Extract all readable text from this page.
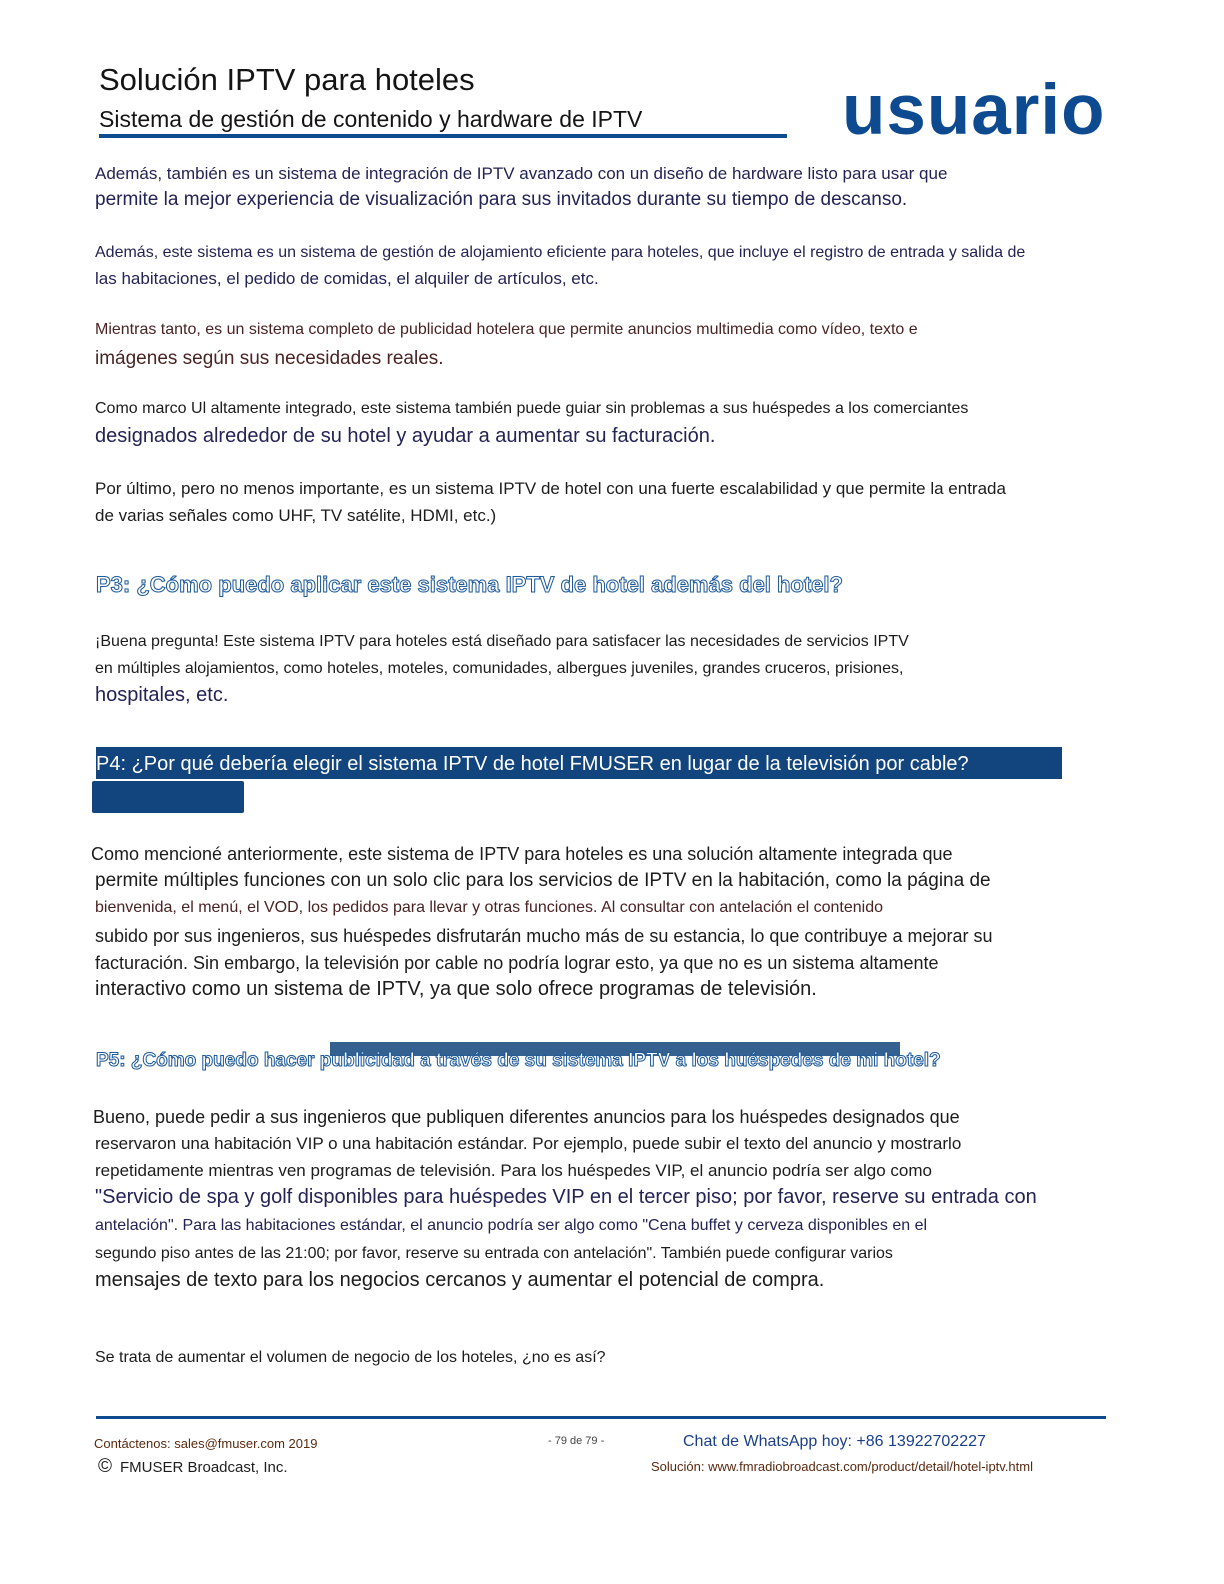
Solución IPTV para hoteles
Sistema de gestión de contenido y hardware de IPTV	usuario
Además, también es un sistema de integración de IPTV avanzado con un diseño de hardware listo para usar que
permite la mejor experiencia de visualización para sus invitados durante su tiempo de descanso.
Además, este sistema es un sistema de gestión de alojamiento eficiente para hoteles, que incluye el registro de entrada y salida de
las habitaciones, el pedido de comidas, el alquiler de artículos, etc.
Mientras tanto, es un sistema completo de publicidad hotelera que permite anuncios multimedia como vídeo, texto e
imágenes según sus necesidades reales.
Como marco Ul altamente integrado, este sistema también puede guiar sin problemas a sus huéspedes a los comerciantes
designados alrededor de su hotel y ayudar a aumentar su facturación.
Por último, pero no menos importante, es un sistema IPTV de hotel con una fuerte escalabilidad y que permite la entrada
de varias señales como UHF, TV satélite, HDMI, etc.)
P3: ¿Cómo puedo aplicar este sistema IPTV de hotel además del hotel?
¡Buena pregunta! Este sistema IPTV para hoteles está diseñado para satisfacer las necesidades de servicios IPTV
en múltiples alojamientos, como hoteles, moteles, comunidades, albergues juveniles, grandes cruceros, prisiones,
hospitales, etc.
P4: ¿Por qué debería elegir el sistema IPTV de hotel FMUSER en lugar de la televisión por cable?
Como mencioné anteriormente, este sistema de IPTV para hoteles es una solución altamente integrada que
permite múltiples funciones con un solo clic para los servicios de IPTV en la habitación, como la página de
bienvenida, el menú, el VOD, los pedidos para llevar y otras funciones. Al consultar con antelación el contenido
subido por sus ingenieros, sus huéspedes disfrutarán mucho más de su estancia, lo que contribuye a mejorar su
facturación. Sin embargo, la televisión por cable no podría lograr esto, ya que no es un sistema altamente
interactivo como un sistema de IPTV, ya que solo ofrece programas de televisión.
P5: ¿Cómo puedo hacer publicidad a través de su sistema IPTV a los huéspedes de mi hotel?
Bueno, puede pedir a sus ingenieros que publiquen diferentes anuncios para los huéspedes designados que
reservaron una habitación VIP o una habitación estándar. Por ejemplo, puede subir el texto del anuncio y mostrarlo
repetidamente mientras ven programas de televisión. Para los huéspedes VIP, el anuncio podría ser algo como
"Servicio de spa y golf disponibles para huéspedes VIP en el tercer piso; por favor, reserve su entrada con
antelación". Para las habitaciones estándar, el anuncio podría ser algo como "Cena buffet y cerveza disponibles en el
segundo piso antes de las 21:00; por favor, reserve su entrada con antelación". También puede configurar varios
mensajes de texto para los negocios cercanos y aumentar el potencial de compra.
Se trata de aumentar el volumen de negocio de los hoteles, ¿no es así?
Contáctenos: sales@fmuser.com 2019
© FMUSER Broadcast, Inc.
- 79 de 79 -	Chat de WhatsApp hoy: +86 13922702227
Solución: www.fmradiobroadcast.com/product/detail/hotel-iptv.html
